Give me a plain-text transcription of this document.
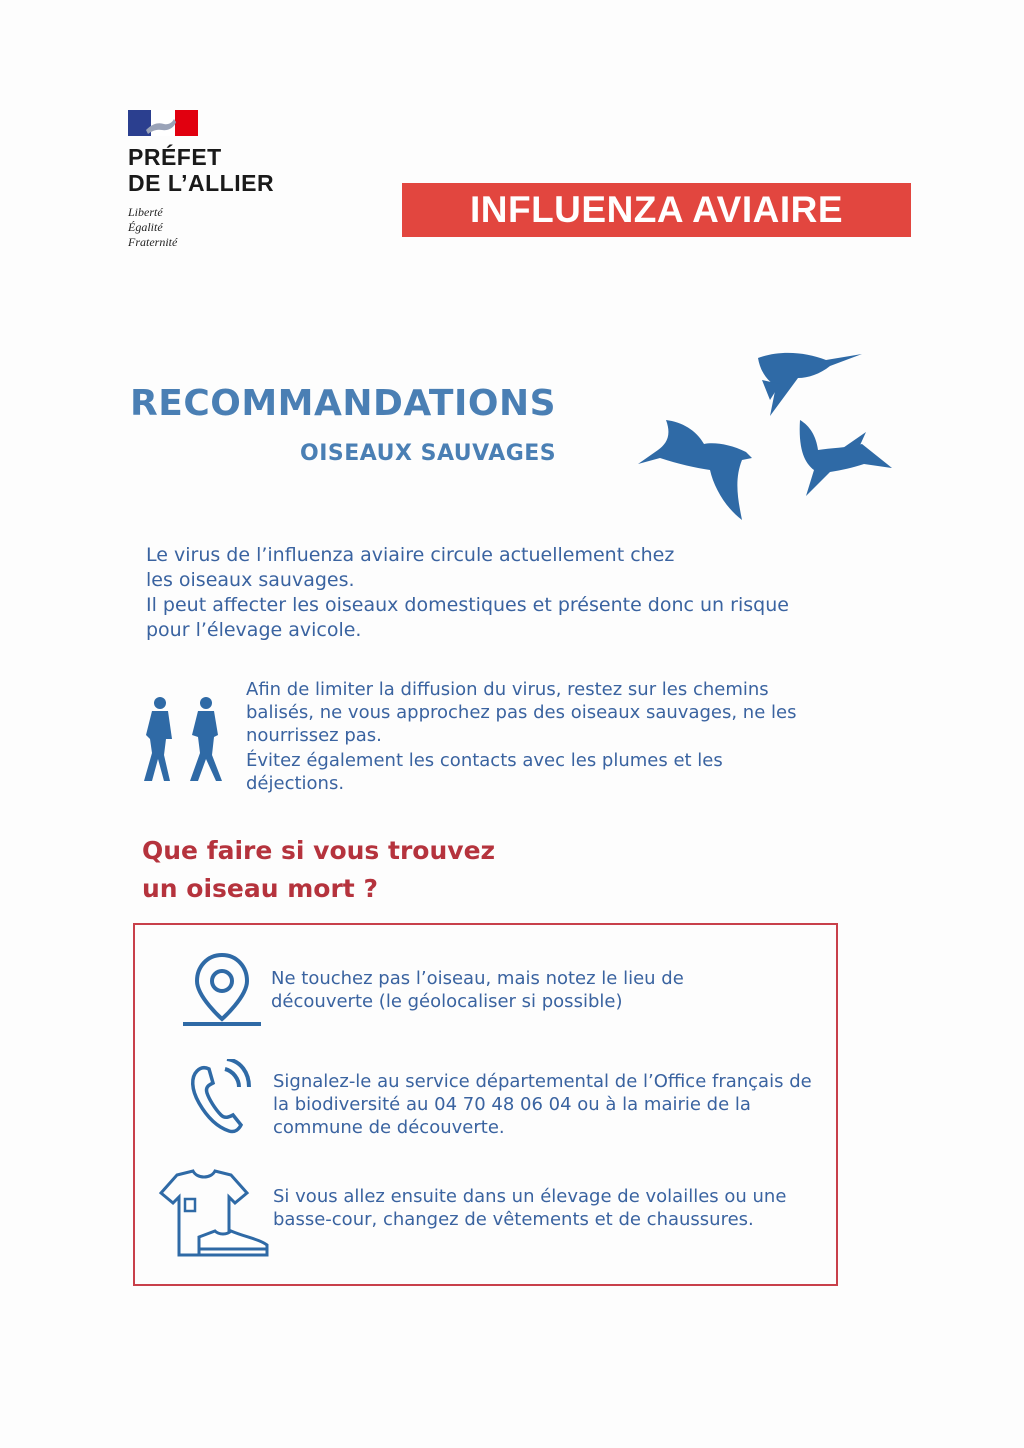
PRÉFET
DE L’ALLIER
Liberté
Égalité
Fraternité
INFLUENZA AVIAIRE
RECOMMANDATIONS
OISEAUX SAUVAGES

Le virus de l’influenza aviaire circule actuellement chez les oiseaux sauvages.

Il peut affecter les oiseaux domestiques et présente donc un risque pour l’élevage avicole.

Afin de limiter la diffusion du virus, restez sur les chemins balisés, ne vous approchez pas des oiseaux sauvages, ne les nourrissez pas.

Évitez également les contacts avec les plumes et les déjections.

Que faire si vous trouvez
un oiseau mort ?
Ne touchez pas l’oiseau, mais notez le lieu de découverte (le géolocaliser si possible)
Signalez-le au service départemental de l’Office français de la biodiversité au 04 70 48 06 04 ou à la mairie de la commune de découverte.
Si vous allez ensuite dans un élevage de volailles ou une basse-cour, changez de vêtements et de chaussures.
